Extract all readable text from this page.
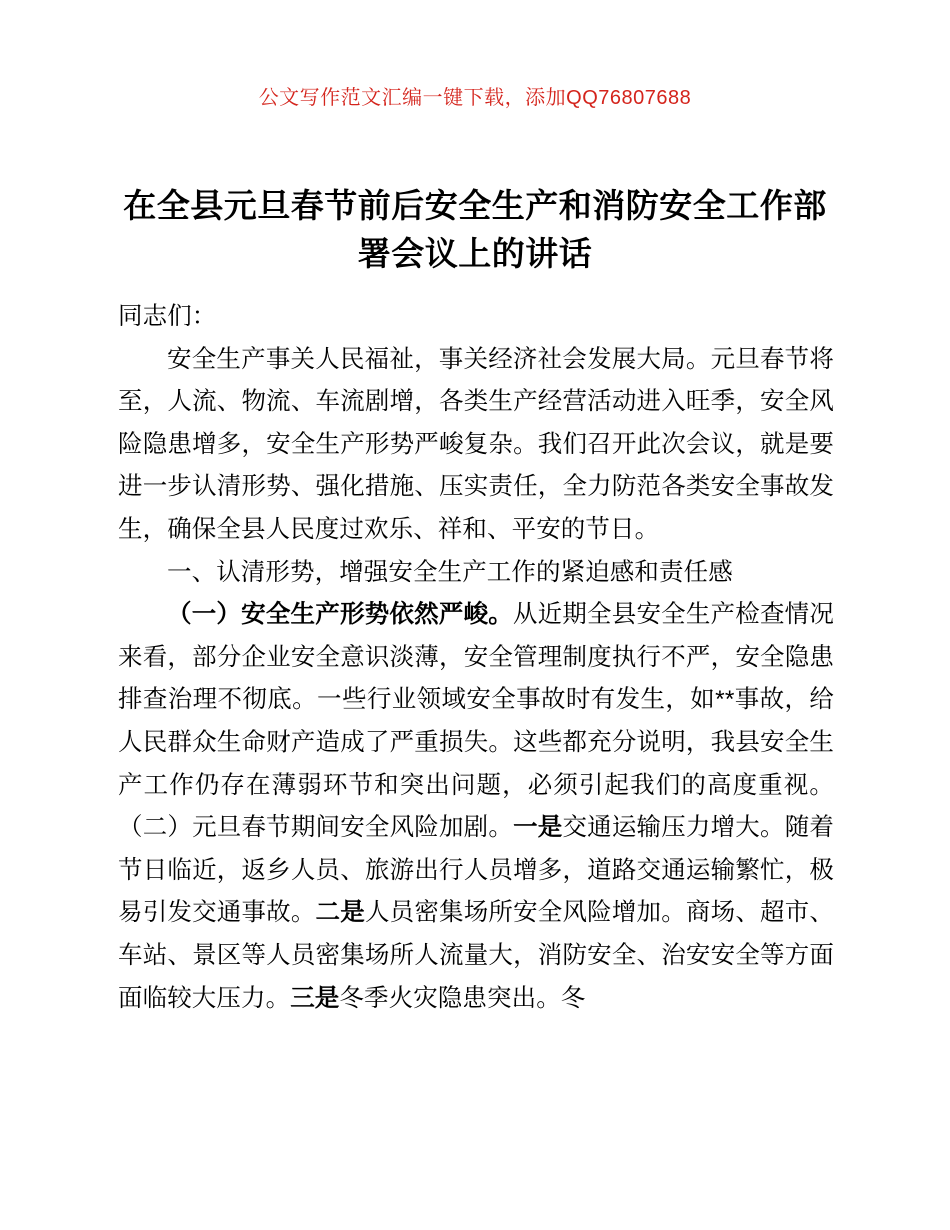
公文写作范文汇编一键下载，添加QQ76807688
在全县元旦春节前后安全生产和消防安全工作部署会议上的讲话

同志们：

安全生产事关人民福祉，事关经济社会发展大局。元旦春节将至，人流、物流、车流剧增，各类生产经营活动进入旺季，安全风险隐患增多，安全生产形势严峻复杂。我们召开此次会议，就是要进一步认清形势、强化措施、压实责任，全力防范各类安全事故发生，确保全县人民度过欢乐、祥和、平安的节日。

一、认清形势，增强安全生产工作的紧迫感和责任感

（一）安全生产形势依然严峻。从近期全县安全生产检查情况来看，部分企业安全意识淡薄，安全管理制度执行不严，安全隐患排查治理不彻底。一些行业领域安全事故时有发生，如**事故，给人民群众生命财产造成了严重损失。这些都充分说明，我县安全生产工作仍存在薄弱环节和突出问题，必须引起我们的高度重视。（二）元旦春节期间安全风险加剧。一是交通运输压力增大。随着节日临近，返乡人员、旅游出行人员增多，道路交通运输繁忙，极易引发交通事故。二是人员密集场所安全风险增加。商场、超市、车站、景区等人员密集场所人流量大，消防安全、治安安全等方面面临较大压力。三是冬季火灾隐患突出。冬
